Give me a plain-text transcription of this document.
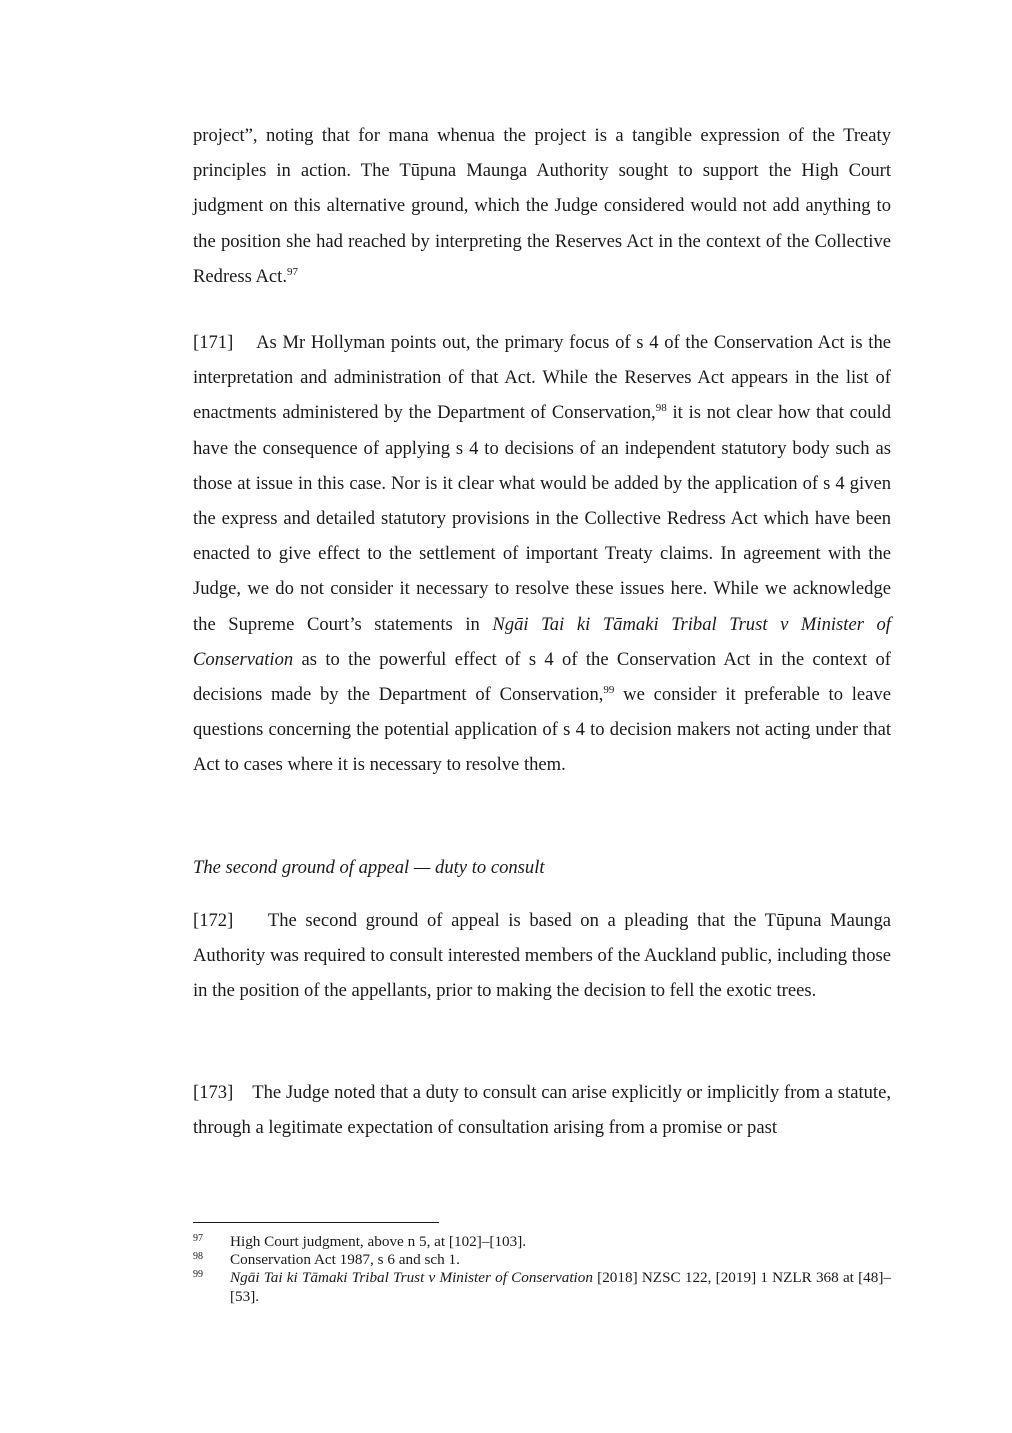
project”, noting that for mana whenua the project is a tangible expression of the Treaty principles in action. The Tūpuna Maunga Authority sought to support the High Court judgment on this alternative ground, which the Judge considered would not add anything to the position she had reached by interpreting the Reserves Act in the context of the Collective Redress Act.$^{97}$

[171] As Mr Hollyman points out, the primary focus of s 4 of the Conservation Act is the interpretation and administration of that Act. While the Reserves Act appears in the list of enactments administered by the Department of Conservation,$^{98}$ it is not clear how that could have the consequence of applying s 4 to decisions of an independent statutory body such as those at issue in this case. Nor is it clear what would be added by the application of s 4 given the express and detailed statutory provisions in the Collective Redress Act which have been enacted to give effect to the settlement of important Treaty claims. In agreement with the Judge, we do not consider it necessary to resolve these issues here. While we acknowledge the Supreme Court’s statements in Ngāi Tai ki Tāmaki Tribal Trust v Minister of Conservation as to the powerful effect of s 4 of the Conservation Act in the context of decisions made by the Department of Conservation,$^{99}$ we consider it preferable to leave questions concerning the potential application of s 4 to decision makers not acting under that Act to cases where it is necessary to resolve them.

The second ground of appeal — duty to consult

[172] The second ground of appeal is based on a pleading that the Tūpuna Maunga Authority was required to consult interested members of the Auckland public, including those in the position of the appellants, prior to making the decision to fell the exotic trees.

[173] The Judge noted that a duty to consult can arise explicitly or implicitly from a statute, through a legitimate expectation of consultation arising from a promise or past

97 High Court judgment, above n 5, at [102]–[103].
98 Conservation Act 1987, s 6 and sch 1.
99 Ngāi Tai ki Tāmaki Tribal Trust v Minister of Conservation [2018] NZSC 122, [2019] 1 NZLR 368 at [48]–[53].
